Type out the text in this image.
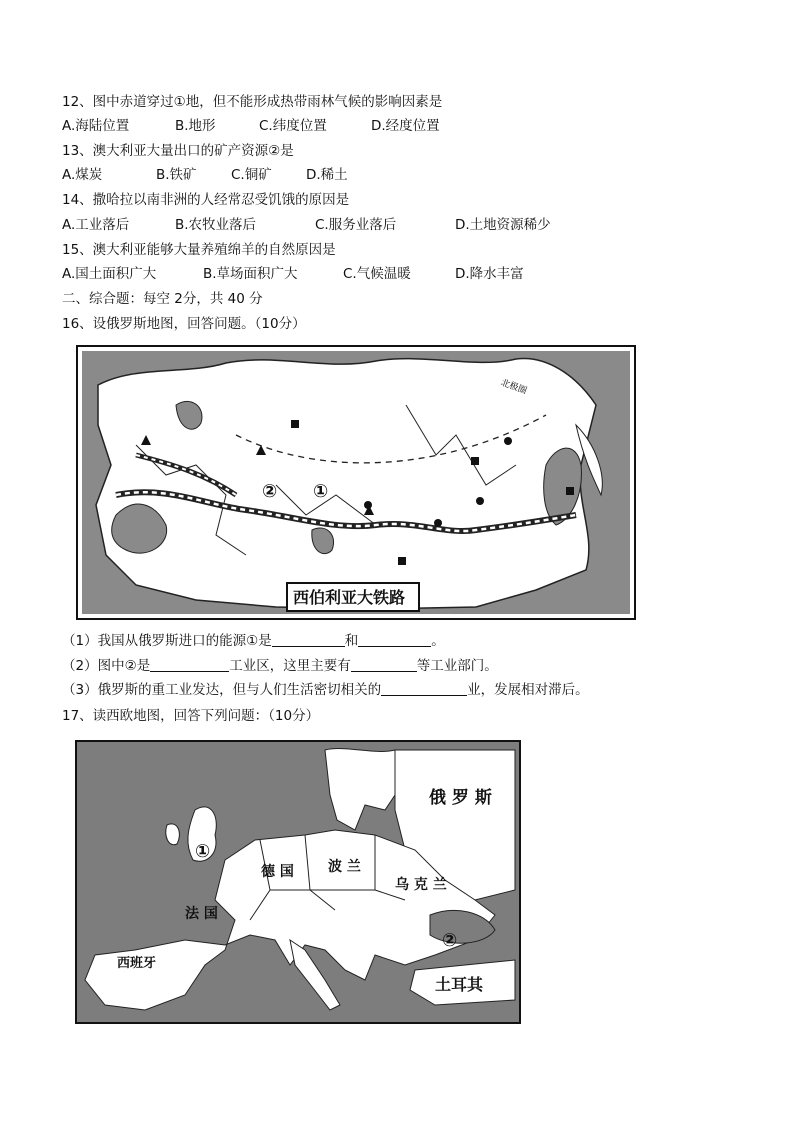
12、图中赤道穿过①地，但不能形成热带雨林气候的影响因素是
A.海陆位置	B.地形	C.纬度位置	D.经度位置
13、澳大利亚大量出口的矿产资源②是
A.煤炭	B.铁矿	C.铜矿	D.稀土
14、撒哈拉以南非洲的人经常忍受饥饿的原因是
A.工业落后	B.农牧业落后	C.服务业落后	D.土地资源稀少
15、澳大利亚能够大量养殖绵羊的自然原因是
A.国土面积广大	B.草场面积广大	C.气候温暖	D.降水丰富
二、综合题：每空 2分，共 40 分
16、设俄罗斯地图，回答问题。（10分）
② ①
北极圈
西伯利亚大铁路
（1）我国从俄罗斯进口的能源①是	和	。
（2）图中②是	工业区，这里主要有	等工业部门。
（3）俄罗斯的重工业发达，但与人们生活密切相关的	业，发展相对滞后。
17、读西欧地图，回答下列问题：（10分）
俄 罗 斯
德 国 波 兰
乌 克 兰
法 国
西班牙
土耳其
①
②
